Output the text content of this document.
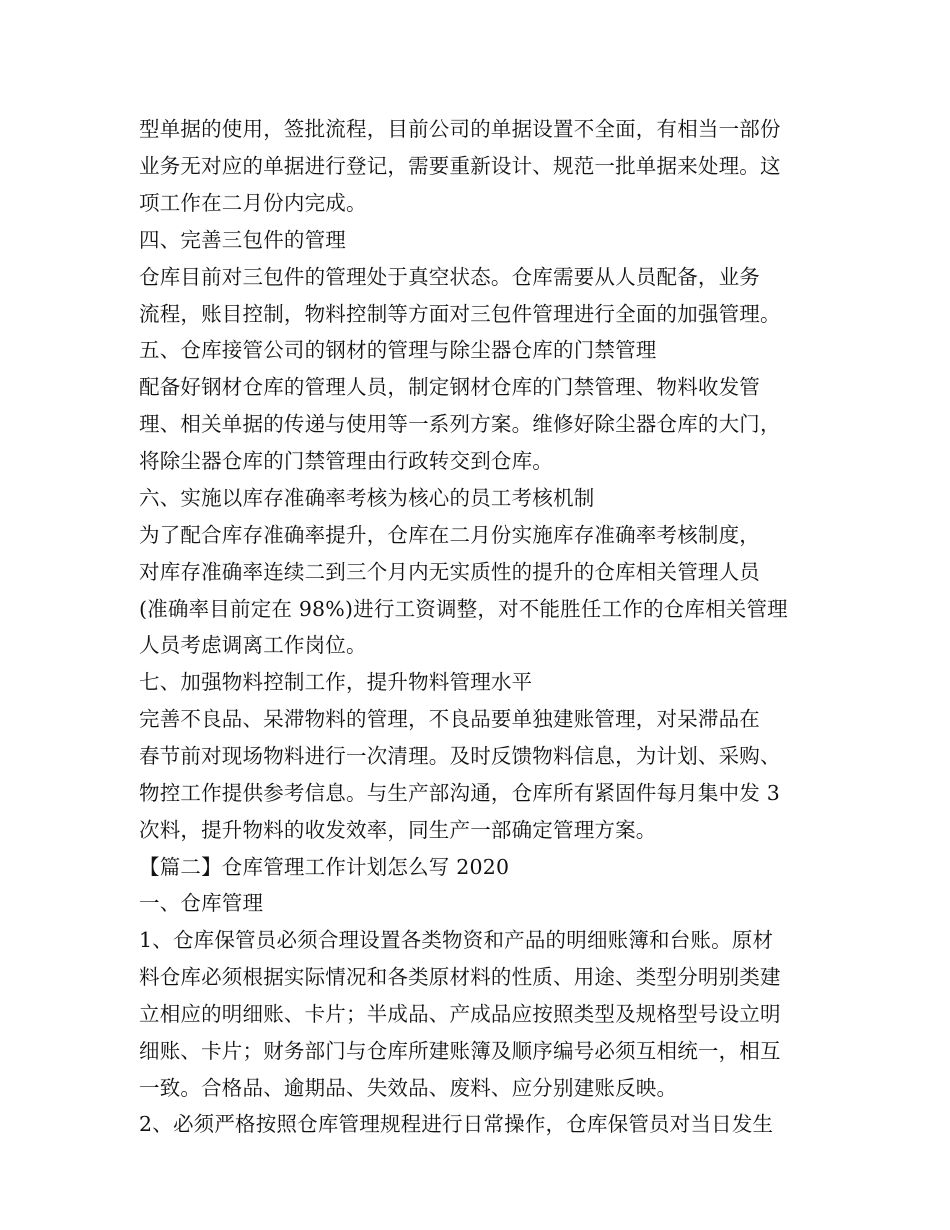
型单据的使用，签批流程，目前公司的单据设置不全面，有相当一部份
业务无对应的单据进行登记，需要重新设计、规范一批单据来处理。这
项工作在二月份内完成。
四、完善三包件的管理
仓库目前对三包件的管理处于真空状态。仓库需要从人员配备，业务
流程，账目控制，物料控制等方面对三包件管理进行全面的加强管理。
五、仓库接管公司的钢材的管理与除尘器仓库的门禁管理
配备好钢材仓库的管理人员，制定钢材仓库的门禁管理、物料收发管
理、相关单据的传递与使用等一系列方案。维修好除尘器仓库的大门，
将除尘器仓库的门禁管理由行政转交到仓库。
六、实施以库存准确率考核为核心的员工考核机制
为了配合库存准确率提升，仓库在二月份实施库存准确率考核制度，
对库存准确率连续二到三个月内无实质性的提升的仓库相关管理人员
(准确率目前定在 98%)进行工资调整，对不能胜任工作的仓库相关管理
人员考虑调离工作岗位。
七、加强物料控制工作，提升物料管理水平
完善不良品、呆滞物料的管理，不良品要单独建账管理，对呆滞品在
春节前对现场物料进行一次清理。及时反馈物料信息，为计划、采购、
物控工作提供参考信息。与生产部沟通，仓库所有紧固件每月集中发 3
次料，提升物料的收发效率，同生产一部确定管理方案。
【篇二】仓库管理工作计划怎么写 2020
一、仓库管理
1、仓库保管员必须合理设置各类物资和产品的明细账簿和台账。原材
料仓库必须根据实际情况和各类原材料的性质、用途、类型分明别类建
立相应的明细账、卡片；半成品、产成品应按照类型及规格型号设立明
细账、卡片；财务部门与仓库所建账簿及顺序编号必须互相统一，相互
一致。合格品、逾期品、失效品、废料、应分别建账反映。
2、必须严格按照仓库管理规程进行日常操作，仓库保管员对当日发生
